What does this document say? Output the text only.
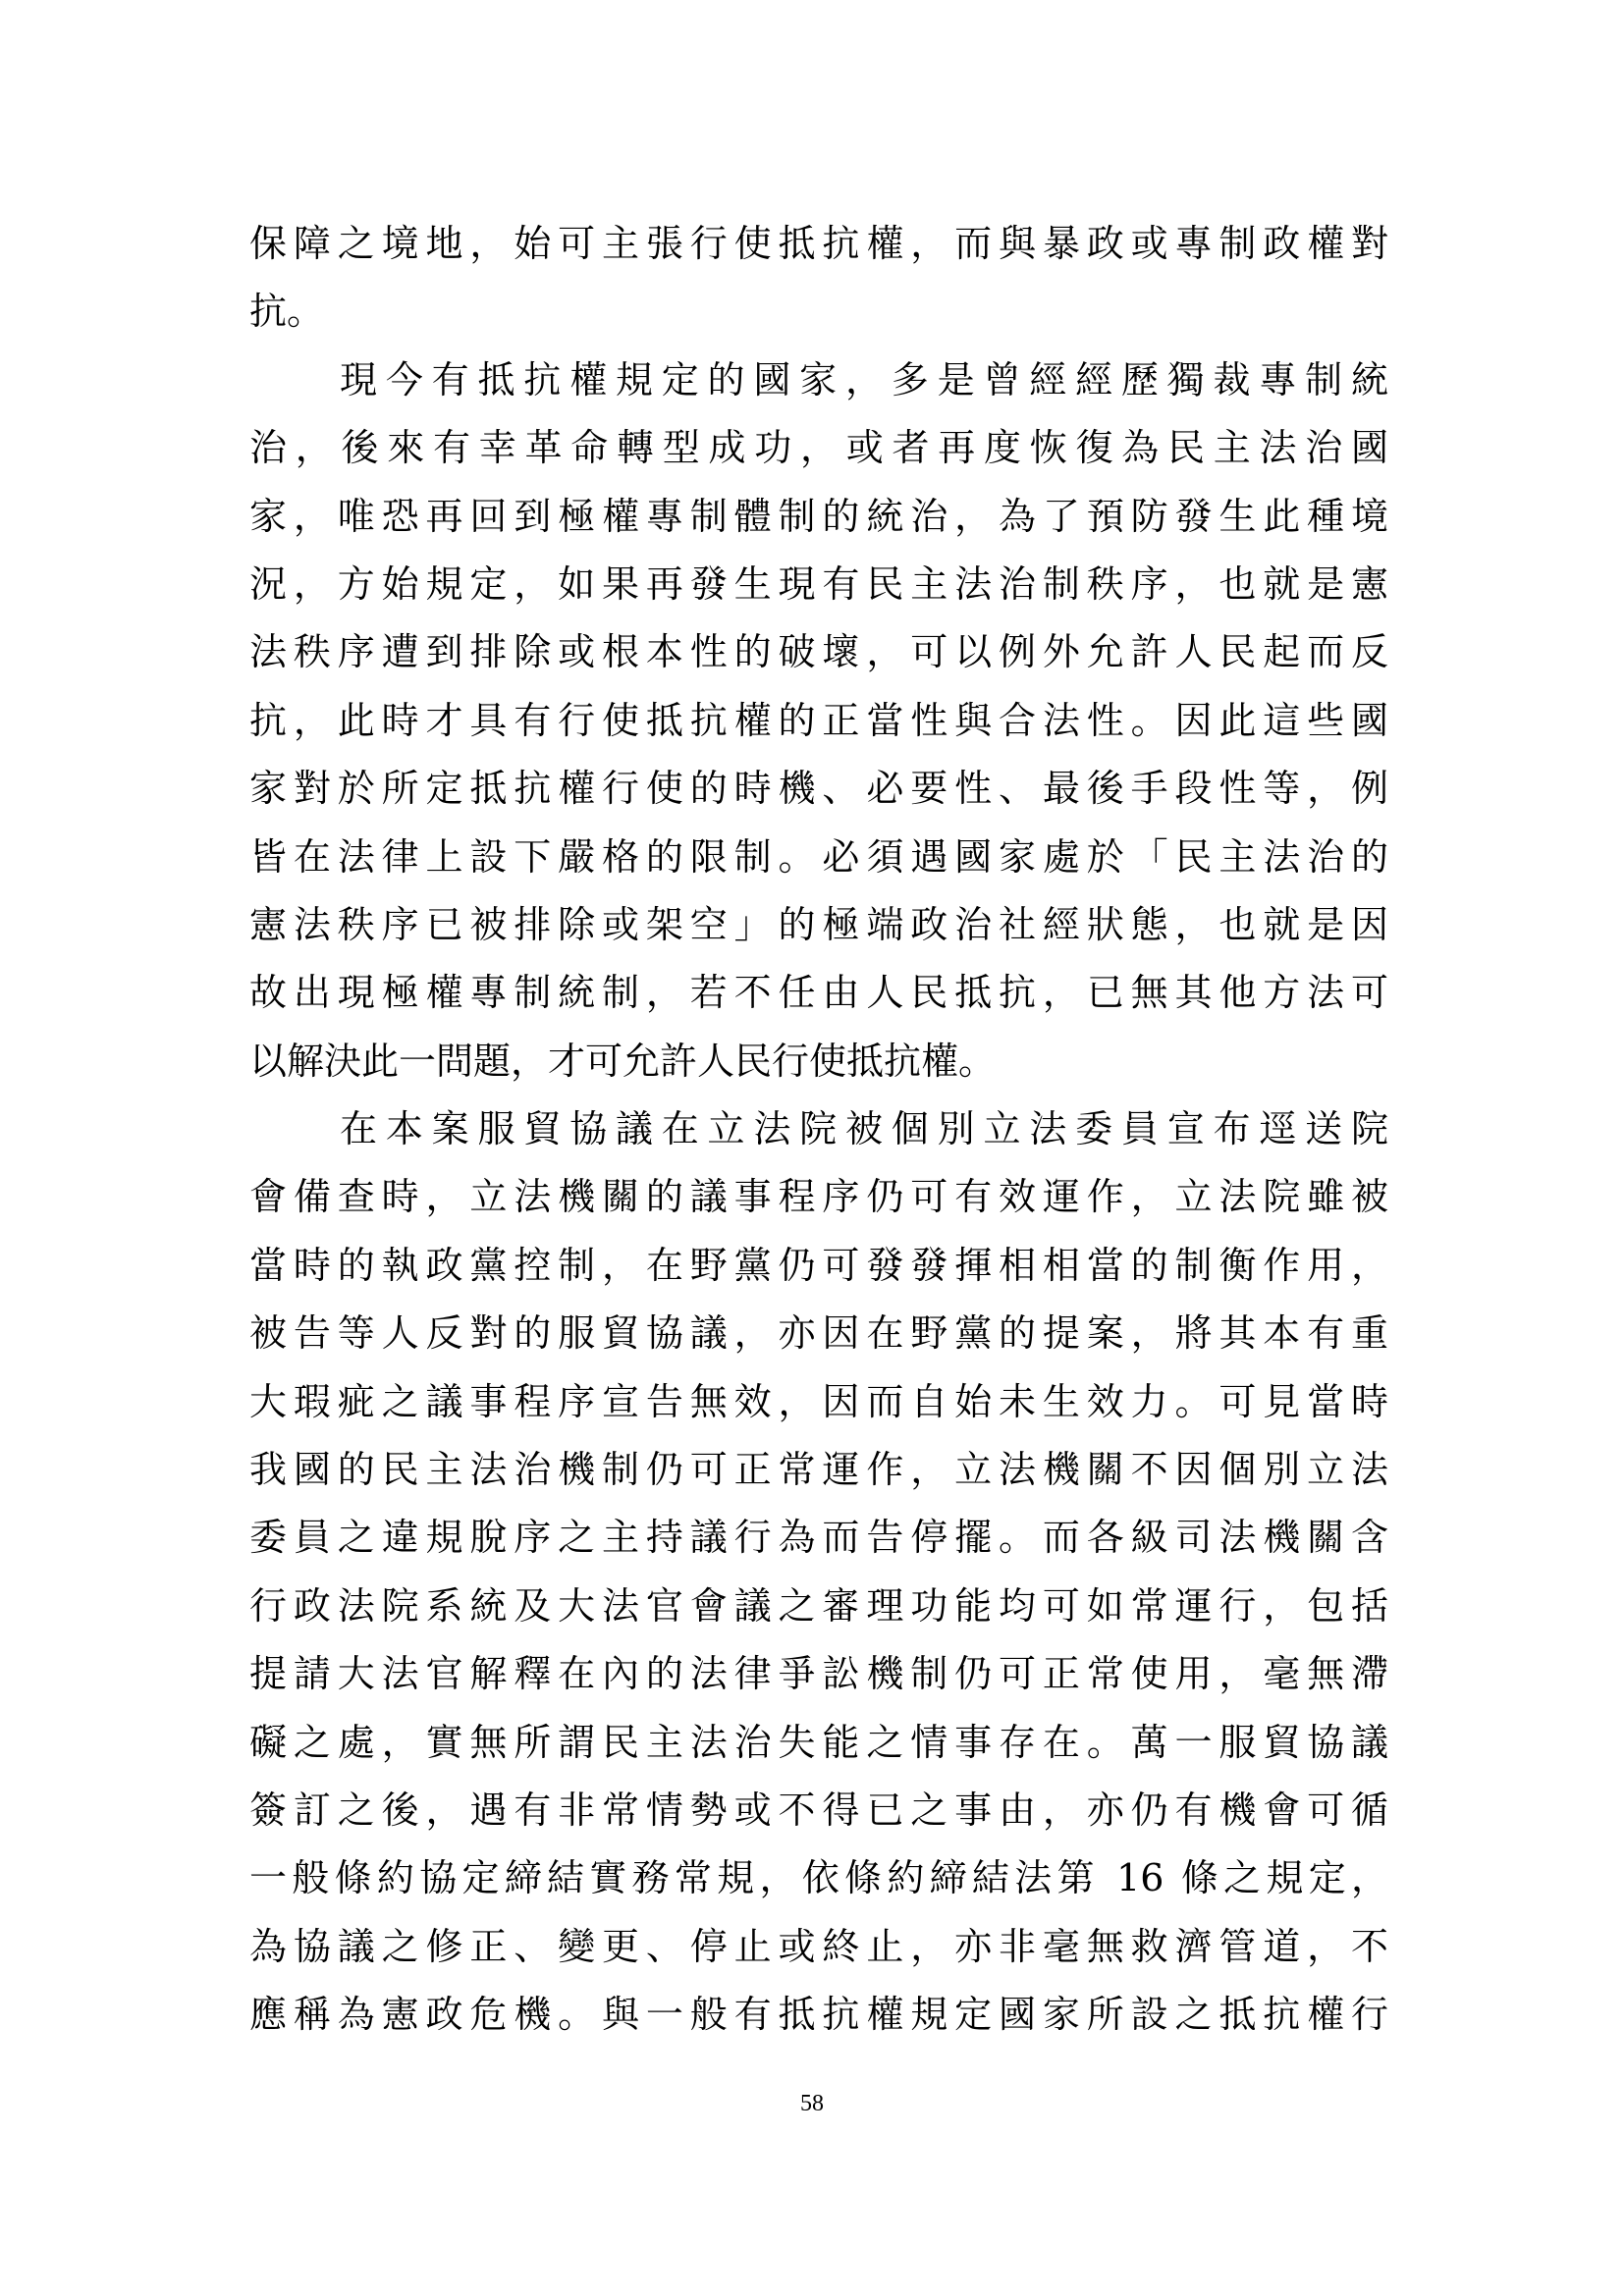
保障之境地，始可主張行使抵抗權，而與暴政或專制政權對
抗。
現今有抵抗權規定的國家，多是曾經經歷獨裁專制統
治，後來有幸革命轉型成功，或者再度恢復為民主法治國
家，唯恐再回到極權專制體制的統治，為了預防發生此種境
況，方始規定，如果再發生現有民主法治制秩序，也就是憲
法秩序遭到排除或根本性的破壞，可以例外允許人民起而反
抗，此時才具有行使抵抗權的正當性與合法性。因此這些國
家對於所定抵抗權行使的時機、必要性、最後手段性等，例
皆在法律上設下嚴格的限制。必須遇國家處於「民主法治的
憲法秩序已被排除或架空」的極端政治社經狀態，也就是因
故出現極權專制統制，若不任由人民抵抗，已無其他方法可
以解決此一問題，才可允許人民行使抵抗權。
在本案服貿協議在立法院被個別立法委員宣布逕送院
會備查時，立法機關的議事程序仍可有效運作，立法院雖被
當時的執政黨控制，在野黨仍可發發揮相相當的制衡作用，
被告等人反對的服貿協議，亦因在野黨的提案，將其本有重
大瑕疵之議事程序宣告無效，因而自始未生效力。可見當時
我國的民主法治機制仍可正常運作，立法機關不因個別立法
委員之違規脫序之主持議行為而告停擺。而各級司法機關含
行政法院系統及大法官會議之審理功能均可如常運行，包括
提請大法官解釋在內的法律爭訟機制仍可正常使用，毫無滯
礙之處，實無所謂民主法治失能之情事存在。萬一服貿協議
簽訂之後，遇有非常情勢或不得已之事由，亦仍有機會可循
一般條約協定締結實務常規，依條約締結法第 16 條之規定，
為協議之修正、變更、停止或終止，亦非毫無救濟管道，不
應稱為憲政危機。與一般有抵抗權規定國家所設之抵抗權行
58
